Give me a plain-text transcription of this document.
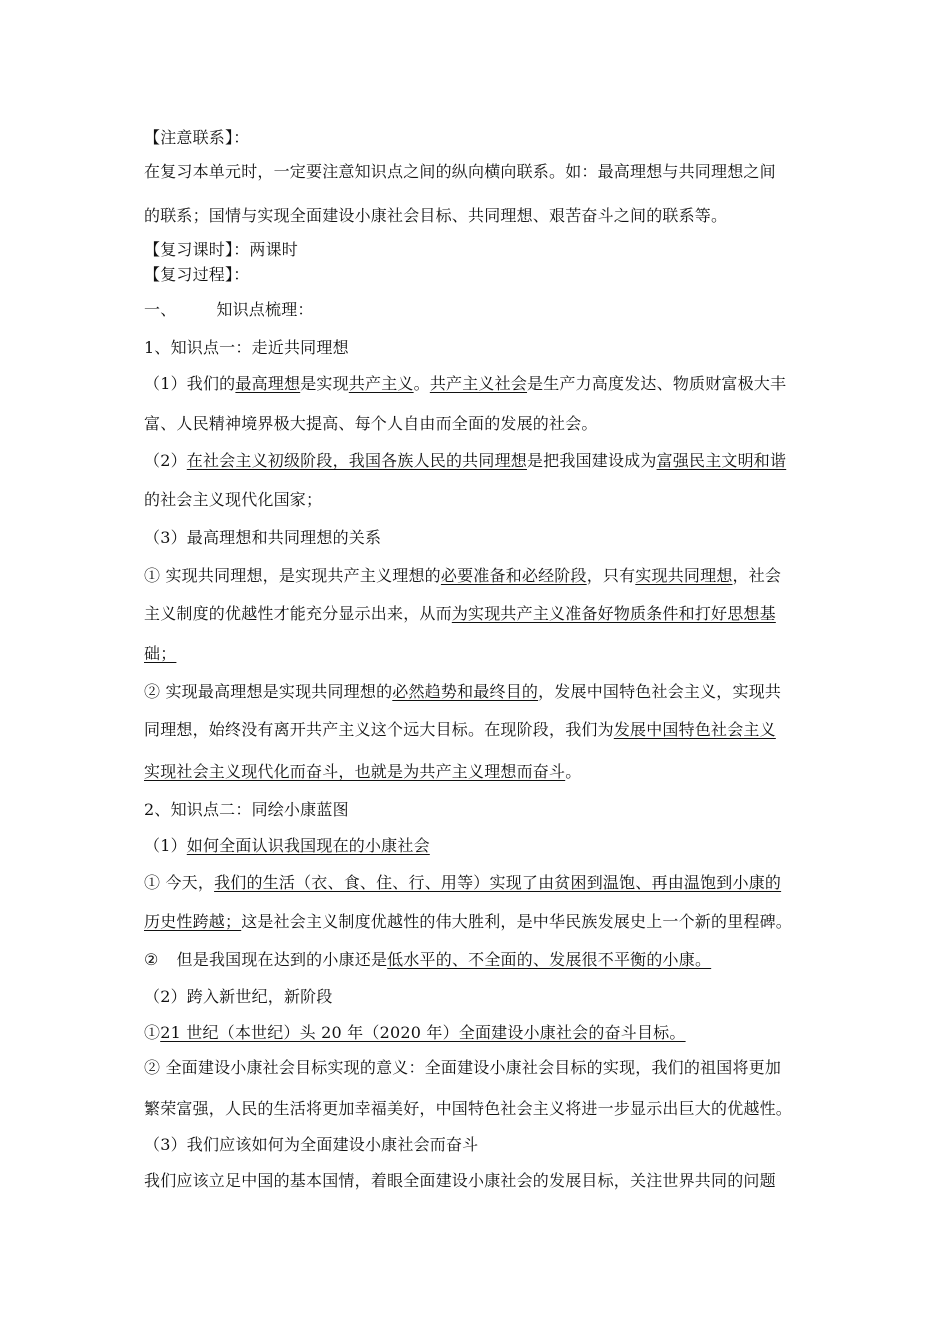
【注意联系】：
在复习本单元时，一定要注意知识点之间的纵向横向联系。如：最高理想与共同理想之间
的联系；国情与实现全面建设小康社会目标、共同理想、艰苦奋斗之间的联系等。
【复习课时】：两课时
【复习过程】：
一、	知识点梳理：
1、知识点一：走近共同理想
（1）我们的最高理想是实现共产主义。共产主义社会是生产力高度发达、物质财富极大丰
富、人民精神境界极大提高、每个人自由而全面的发展的社会。
（2）在社会主义初级阶段，我国各族人民的共同理想是把我国建设成为富强民主文明和谐
的社会主义现代化国家；
（3）最高理想和共同理想的关系
① 实现共同理想，是实现共产主义理想的必要准备和必经阶段，只有实现共同理想，社会
主义制度的优越性才能充分显示出来，从而为实现共产主义准备好物质条件和打好思想基
础；
② 实现最高理想是实现共同理想的必然趋势和最终目的，发展中国特色社会主义，实现共
同理想，始终没有离开共产主义这个远大目标。在现阶段，我们为发展中国特色社会主义
实现社会主义现代化而奋斗，也就是为共产主义理想而奋斗。
2、知识点二：同绘小康蓝图
（1）如何全面认识我国现在的小康社会
① 今天，我们的生活（衣、食、住、行、用等）实现了由贫困到温饱、再由温饱到小康的
历史性跨越；这是社会主义制度优越性的伟大胜利，是中华民族发展史上一个新的里程碑。
② 但是我国现在达到的小康还是低水平的、不全面的、发展很不平衡的小康。
（2）跨入新世纪，新阶段
①21 世纪（本世纪）头 20 年（2020 年）全面建设小康社会的奋斗目标。
② 全面建设小康社会目标实现的意义：全面建设小康社会目标的实现，我们的祖国将更加
繁荣富强，人民的生活将更加幸福美好，中国特色社会主义将进一步显示出巨大的优越性。
（3）我们应该如何为全面建设小康社会而奋斗
我们应该立足中国的基本国情，着眼全面建设小康社会的发展目标，关注世界共同的问题
